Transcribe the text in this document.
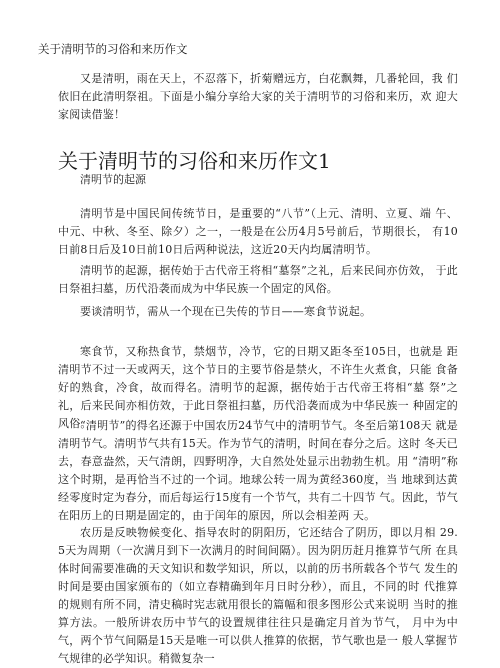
关于清明节的习俗和来历作文
又是清明，雨在天上，不忍落下，折菊赠远方，白花飘舞，几番轮回，我 们依旧在此清明祭祖。下面是小编分享给大家的关于清明节的习俗和来历，欢 迎大家阅读借鉴！
关于清明节的习俗和来历作文1
清明节的起源
清明节是中国民间传统节日，是重要的“八节”（上元、清明、立夏、端 午、中元、中秋、冬至、除夕）之一，一般是在公历4月5号前后，节期很长， 有10日前8日后及10日前10日后两种说法，这近20天内均属清明节。
清明节的起源，据传始于古代帝王将相“墓祭”之礼，后来民间亦仿效， 于此日祭祖扫墓，历代沿袭而成为中华民族一个固定的风俗。
要谈清明节，需从一个现在已失传的节日——寒食节说起。
寒食节，又称热食节，禁烟节，冷节，它的日期又距冬至105日，也就是 距清明节不过一天或两天，这个节日的主要节俗是禁火，不许生火煮食，只能 食备好的熟食，冷食，故而得名。清明节的起源，据传始于古代帝王将相“墓 祭”之礼，后来民间亦相仿效，于此日祭祖扫墓，历代沿袭而成为中华民族一 种固定的风俗。
“清明节”的得名还源于中国农历24节气中的清明节气。冬至后第108天 就是清明节气。清明节气共有15天。作为节气的清明，时间在春分之后。这时 冬天已去，春意盎然，天气清朗，四野明净，大自然处处显示出勃勃生机。用 “清明”称这个时期，是再恰当不过的一个词。地球公转一周为黄经360度，当 地球到达黄经零度时定为春分，而后每运行15度有一个节气，共有二十四节 气。因此，节气在阳历上的日期是固定的，由于闰年的原因，所以会相差两 天。
农历是反映物候变化、指导农时的阴阳历，它还结合了阴历，即以月相 29. 5天为周期（一次满月到下一次满月的时间间隔）。因为阴历赶月推算节气所 在具体时间需要准确的天文知识和数学知识，所以，以前的历书所载各个节气 发生的时间是要由国家颁布的（如立春精确到年月日时分秒），而且，不同的时 代推算的规则有所不同，清史稿时宪志就用很长的篇幅和很多图形公式来说明 当时的推算方法。一般所讲农历中节气的设置规律往往只是确定月首为节气， 月中为中气，两个节气间隔是15天是唯一可以供人推算的依据，节气歌也是一 般人掌握节气规律的必学知识。稍微复杂一
